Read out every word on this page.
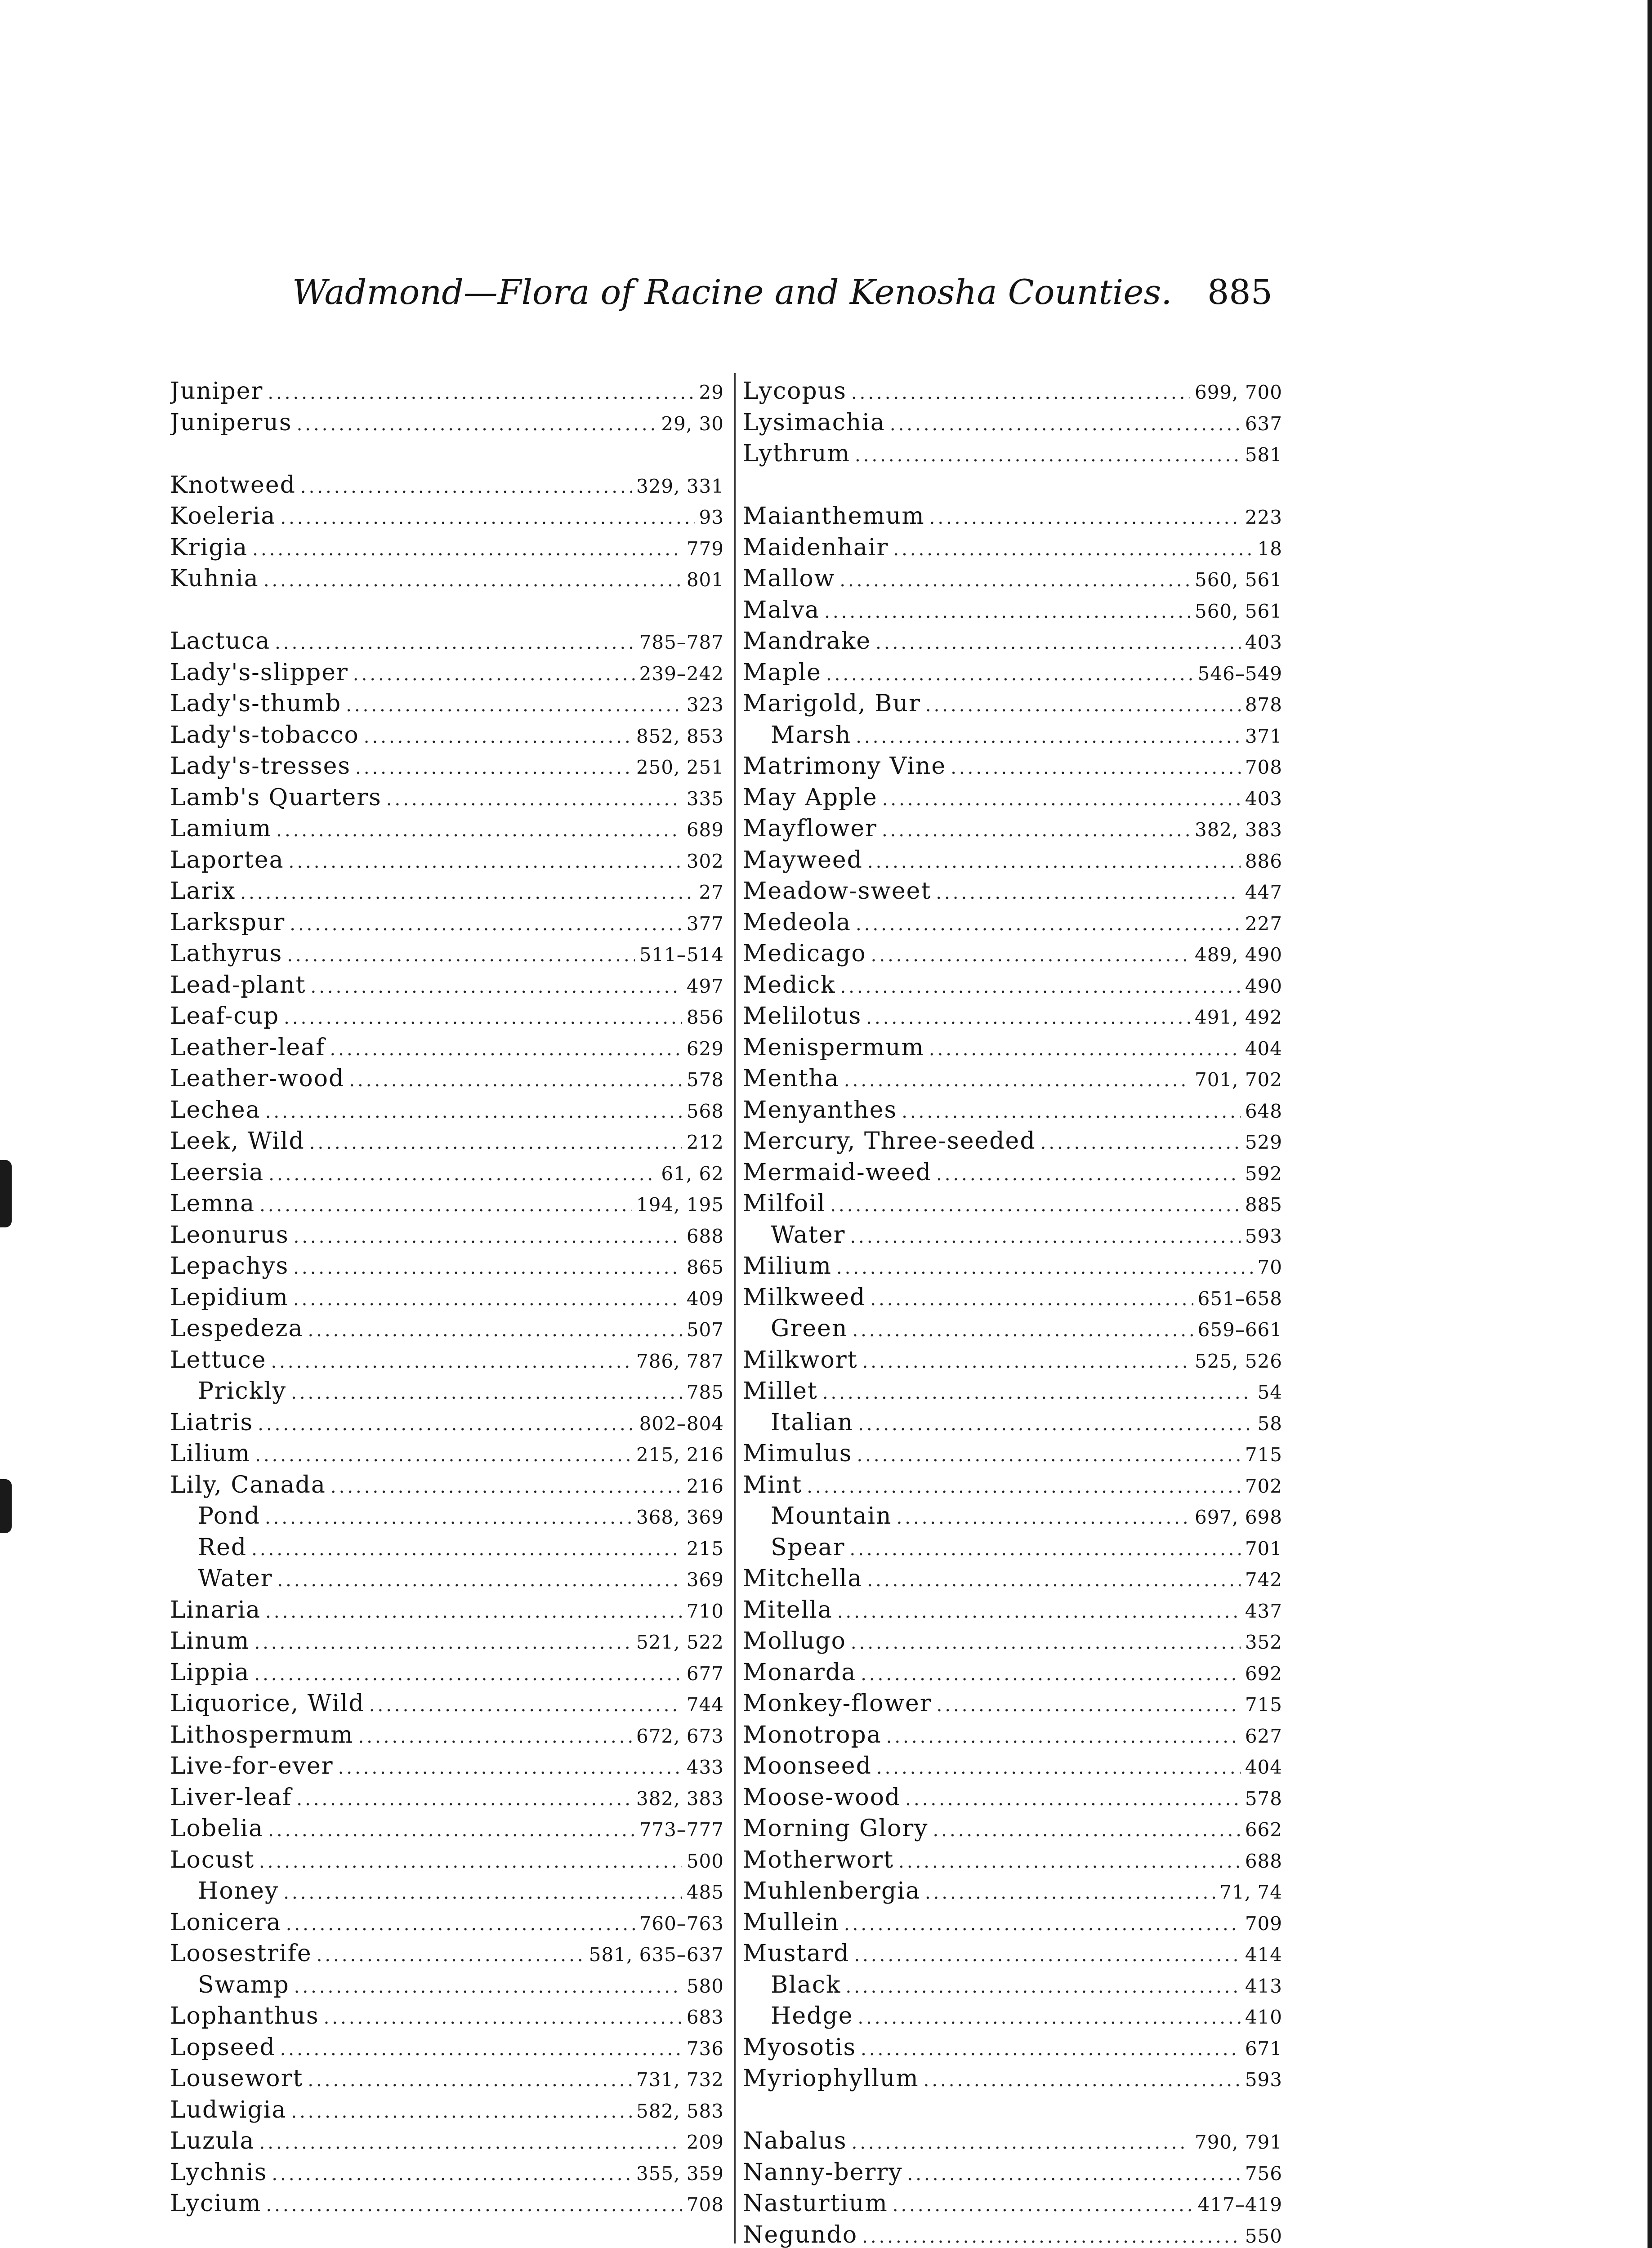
Wadmond—Flora of Racine and Kenosha Counties. 885
Juniper .....	29
Juniperus .....	29, 30
Knotweed .....	329, 331
Koeleria .....	93
Krigia .....	779
Kuhnia .....	801
Lactuca .....	785–787
Lady's-slipper .....	239–242
Lady's-thumb .....	323
Lady's-tobacco .....	852, 853
Lady's-tresses .....	250, 251
Lamb's Quarters .....	335
Lamium .....	689
Laportea .....	302
Larix .....	27
Larkspur .....	377
Lathyrus .....	511–514
Lead-plant .....	497
Leaf-cup .....	856
Leather-leaf .....	629
Leather-wood .....	578
Lechea .....	568
Leek, Wild .....	212
Leersia .....	61, 62
Lemna .....	194, 195
Leonurus .....	688
Lepachys .....	865
Lepidium .....	409
Lespedeza .....	507
Lettuce .....	786, 787
Prickly .....	785
Liatris .....	802–804
Lilium .....	215, 216
Lily, Canada .....	216
Pond .....	368, 369
Red .....	215
Water .....	369
Linaria .....	710
Linum .....	521, 522
Lippia .....	677
Liquorice, Wild .....	744
Lithospermum .....	672, 673
Live-for-ever .....	433
Liver-leaf .....	382, 383
Lobelia .....	773–777
Locust .....	500
Honey .....	485
Lonicera .....	760–763
Loosestrife .....	581, 635–637
Swamp .....	580
Lophanthus .....	683
Lopseed .....	736
Lousewort .....	731, 732
Ludwigia .....	582, 583
Luzula .....	209
Lychnis .....	355, 359
Lycium .....	708
Lycopus .....	699, 700
Lysimachia .....	637
Lythrum .....	581
Maianthemum .....	223
Maidenhair .....	18
Mallow .....	560, 561
Malva .....	560, 561
Mandrake .....	403
Maple .....	546–549
Marigold, Bur .....	878
Marsh .....	371
Matrimony Vine .....	708
May Apple .....	403
Mayflower .....	382, 383
Mayweed .....	886
Meadow-sweet .....	447
Medeola .....	227
Medicago .....	489, 490
Medick .....	490
Melilotus .....	491, 492
Menispermum .....	404
Mentha .....	701, 702
Menyanthes .....	648
Mercury, Three-seeded .....	529
Mermaid-weed .....	592
Milfoil .....	885
Water .....	593
Milium .....	70
Milkweed .....	651–658
Green .....	659–661
Milkwort .....	525, 526
Millet .....	54
Italian .....	58
Mimulus .....	715
Mint .....	702
Mountain .....	697, 698
Spear .....	701
Mitchella .....	742
Mitella .....	437
Mollugo .....	352
Monarda .....	692
Monkey-flower .....	715
Monotropa .....	627
Moonseed .....	404
Moose-wood .....	578
Morning Glory .....	662
Motherwort .....	688
Muhlenbergia .....	71, 74
Mullein .....	709
Mustard .....	414
Black .....	413
Hedge .....	410
Myosotis .....	671
Myriophyllum .....	593
Nabalus .....	790, 791
Nanny-berry .....	756
Nasturtium .....	417–419
Negundo .....	550
